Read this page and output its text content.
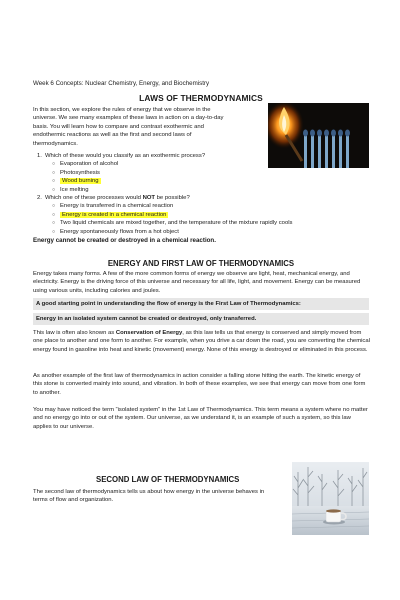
Week 6 Concepts: Nuclear Chemistry, Energy, and Biochemistry
LAWS OF THERMODYNAMICS
In this section, we explore the rules of energy that we observe in the universe. We see many examples of these laws in action on a day-to-day basis. You will learn how to compare and contrast exothermic and endothermic reactions as well as the first and second laws of thermodynamics.
1. Which of these would you classify as an exothermic process?
○ Evaporation of alcohol
○ Photosynthesis
○ Wood burning
○ Ice melting
2. Which one of these processes would NOT be possible?
○ Energy is transferred in a chemical reaction
○ Energy is created in a chemical reaction
○ Two liquid chemicals are mixed together, and the temperature of the mixture rapidly cools
○ Energy spontaneously flows from a hot object
Energy cannot be created or destroyed in a chemical reaction.
ENERGY AND FIRST LAW OF THERMODYNAMICS
Energy takes many forms. A few of the more common forms of energy we observe are light, heat, mechanical energy, and electricity. Energy is the driving force of this universe and necessary for all life, light, and movement. Energy can be measured using various units, including calories and joules.
A good starting point in understanding the flow of energy is the First Law of Thermodynamics:
Energy in an isolated system cannot be created or destroyed, only transferred.
This law is often also known as Conservation of Energy, as this law tells us that energy is conserved and simply moved from one place to another and one form to another. For example, when you drive a car down the road, you are converting the chemical energy found in gasoline into heat and kinetic (movement) energy. None of this energy is destroyed or eliminated in this process.
As another example of the first law of thermodynamics in action consider a falling stone hitting the earth. The kinetic energy of this stone is converted mainly into sound, and vibration. In both of these examples, we see that energy can move from one form to another.
You may have noticed the term “isolated system” in the 1st Law of Thermodynamics. This term means a system where no matter and no energy go into or out of the system. Our universe, as we understand it, is an example of such a system, so this law applies to our universe.
SECOND LAW OF THERMODYNAMICS
The second law of thermodynamics tells us about how energy in the universe behaves in terms of flow and organization.
